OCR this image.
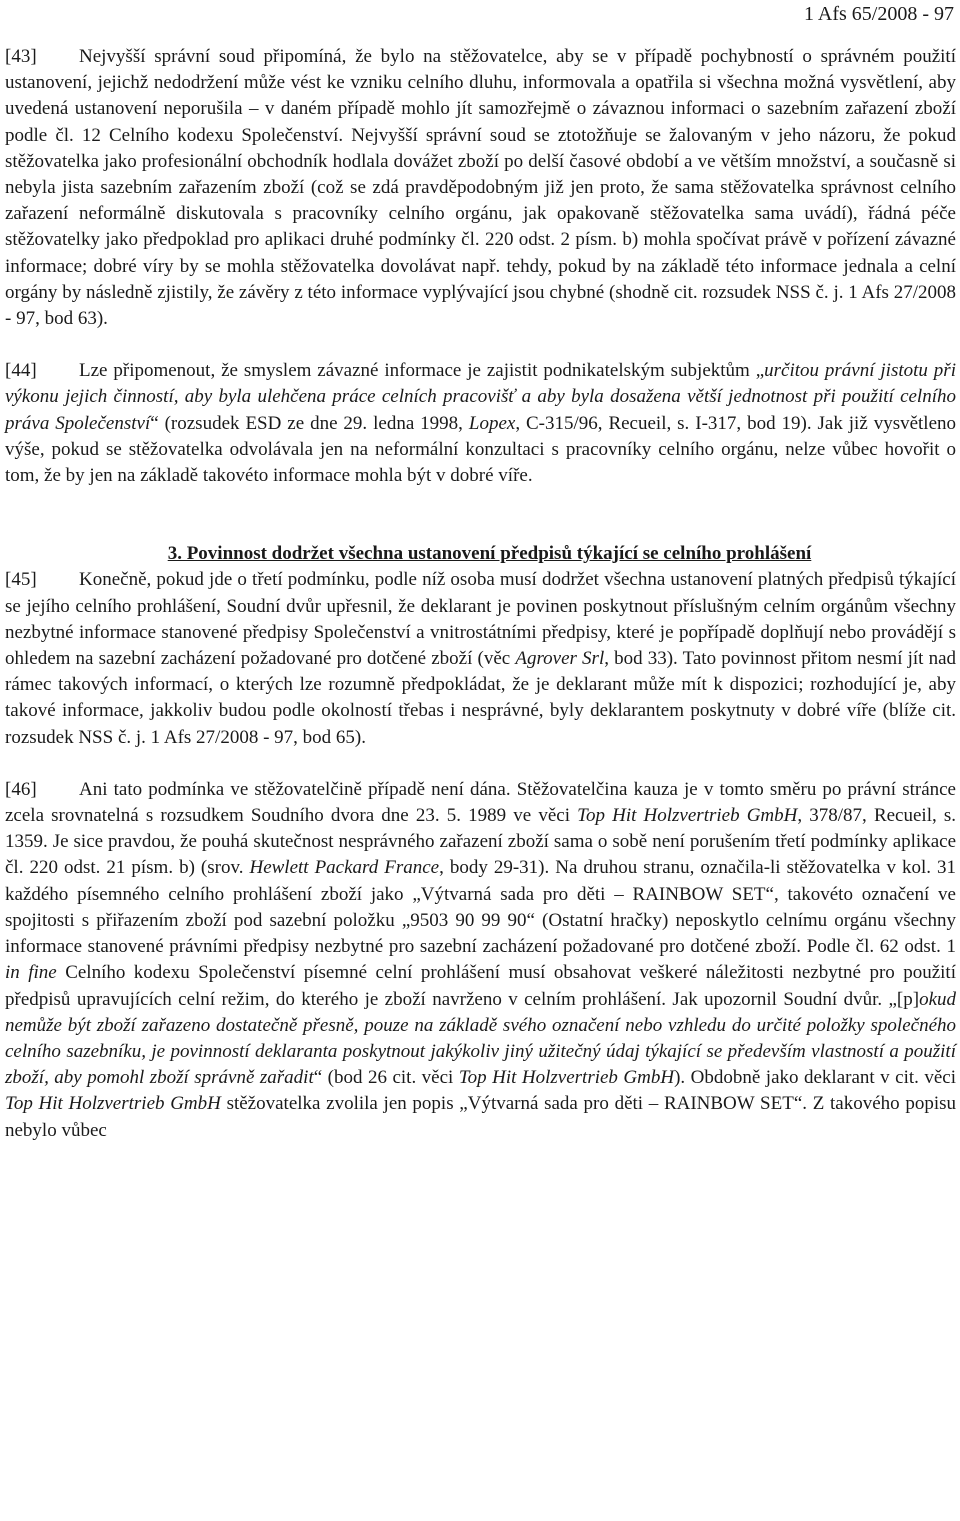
1 Afs 65/2008 - 97

[43] Nejvyšší správní soud připomíná, že bylo na stěžovatelce, aby se v případě pochybností o správném použití ustanovení, jejichž nedodržení může vést ke vzniku celního dluhu, informovala a opatřila si všechna možná vysvětlení, aby uvedená ustanovení neporušila – v daném případě mohlo jít samozřejmě o závaznou informaci o sazebním zařazení zboží podle čl. 12 Celního kodexu Společenství. Nejvyšší správní soud se ztotožňuje se žalovaným v jeho názoru, že pokud stěžovatelka jako profesionální obchodník hodlala dovážet zboží po delší časové období a ve větším množství, a současně si nebyla jista sazebním zařazením zboží (což se zdá pravděpodobným již jen proto, že sama stěžovatelka správnost celního zařazení neformálně diskutovala s pracovníky celního orgánu, jak opakovaně stěžovatelka sama uvádí), řádná péče stěžovatelky jako předpoklad pro aplikaci druhé podmínky čl. 220 odst. 2 písm. b) mohla spočívat právě v pořízení závazné informace; dobré víry by se mohla stěžovatelka dovolávat např. tehdy, pokud by na základě této informace jednala a celní orgány by následně zjistily, že závěry z této informace vyplývající jsou chybné (shodně cit. rozsudek NSS č. j. 1 Afs 27/2008 - 97, bod 63).

[44] Lze připomenout, že smyslem závazné informace je zajistit podnikatelským subjektům „určitou právní jistotu při výkonu jejich činností, aby byla ulehčena práce celních pracovišť a aby byla dosažena větší jednotnost při použití celního práva Společenství“ (rozsudek ESD ze dne 29. ledna 1998, Lopex, C-315/96, Recueil, s. I-317, bod 19). Jak již vysvětleno výše, pokud se stěžovatelka odvolávala jen na neformální konzultaci s pracovníky celního orgánu, nelze vůbec hovořit o tom, že by jen na základě takovéto informace mohla být v dobré víře.

3. Povinnost dodržet všechna ustanovení předpisů týkající se celního prohlášení

[45] Konečně, pokud jde o třetí podmínku, podle níž osoba musí dodržet všechna ustanovení platných předpisů týkající se jejího celního prohlášení, Soudní dvůr upřesnil, že deklarant je povinen poskytnout příslušným celním orgánům všechny nezbytné informace stanovené předpisy Společenství a vnitrostátními předpisy, které je popřípadě doplňují nebo provádějí s ohledem na sazební zacházení požadované pro dotčené zboží (věc Agrover Srl, bod 33). Tato povinnost přitom nesmí jít nad rámec takových informací, o kterých lze rozumně předpokládat, že je deklarant může mít k dispozici; rozhodující je, aby takové informace, jakkoliv budou podle okolností třebas i nesprávné, byly deklarantem poskytnuty v dobré víře (blíže cit. rozsudek NSS č. j. 1 Afs 27/2008 - 97, bod 65).

[46] Ani tato podmínka ve stěžovatelčině případě není dána. Stěžovatelčina kauza je v tomto směru po právní stránce zcela srovnatelná s rozsudkem Soudního dvora dne 23. 5. 1989 ve věci Top Hit Holzvertrieb GmbH, 378/87, Recueil, s. 1359. Je sice pravdou, že pouhá skutečnost nesprávného zařazení zboží sama o sobě není porušením třetí podmínky aplikace čl. 220 odst. 21 písm. b) (srov. Hewlett Packard France, body 29-31). Na druhou stranu, označila-li stěžovatelka v kol. 31 každého písemného celního prohlášení zboží jako „Výtvarná sada pro děti – RAINBOW SET“, takovéto označení ve spojitosti s přiřazením zboží pod sazební položku „9503 90 99 90“ (Ostatní hračky) neposkytlo celnímu orgánu všechny informace stanovené právními předpisy nezbytné pro sazební zacházení požadované pro dotčené zboží. Podle čl. 62 odst. 1 in fine Celního kodexu Společenství písemné celní prohlášení musí obsahovat veškeré náležitosti nezbytné pro použití předpisů upravujících celní režim, do kterého je zboží navrženo v celním prohlášení. Jak upozornil Soudní dvůr. „[p]okud nemůže být zboží zařazeno dostatečně přesně, pouze na základě svého označení nebo vzhledu do určité položky společného celního sazebníku, je povinností deklaranta poskytnout jakýkoliv jiný užitečný údaj týkající se především vlastností a použití zboží, aby pomohl zboží správně zařadit“ (bod 26 cit. věci Top Hit Holzvertrieb GmbH). Obdobně jako deklarant v cit. věci Top Hit Holzvertrieb GmbH stěžovatelka zvolila jen popis „Výtvarná sada pro děti – RAINBOW SET“. Z takového popisu nebylo vůbec
